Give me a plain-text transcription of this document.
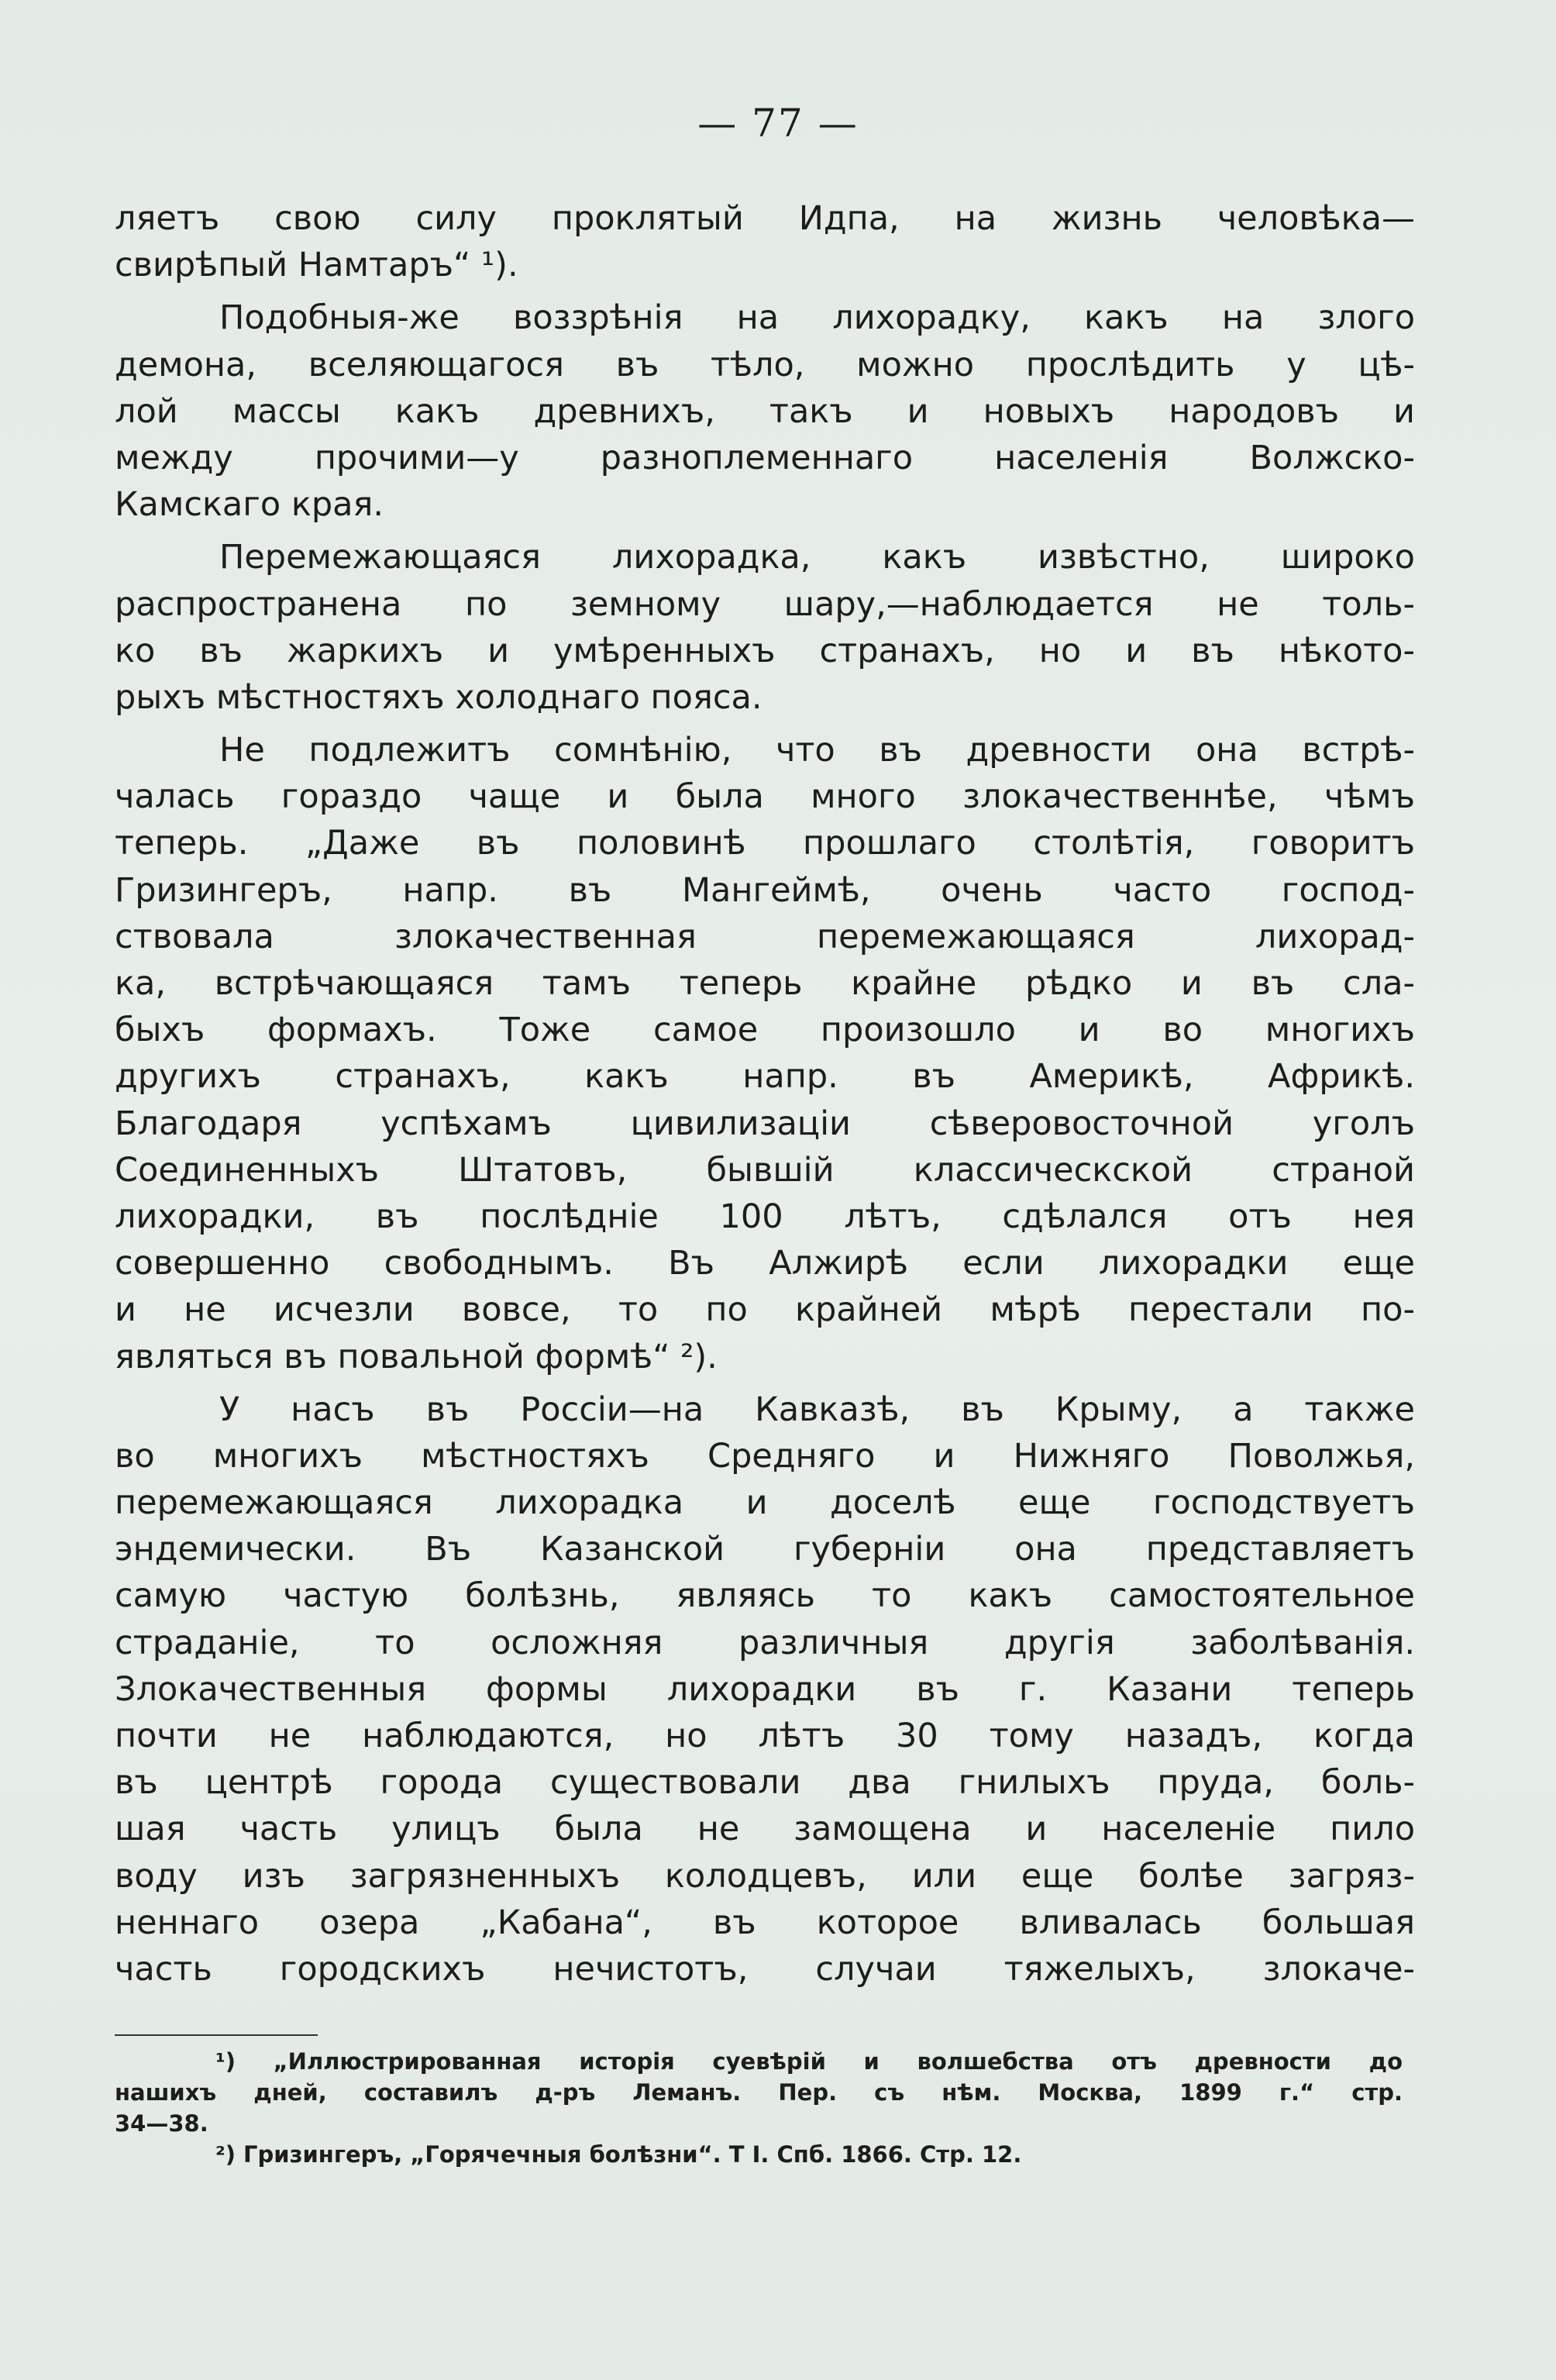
— 77 —
ляетъ свою силу проклятый Идпа, на жизнь человѣка—
свирѣпый Намтаръ“ ¹).
Подобныя-же воззрѣнія на лихорадку, какъ на злого
демона, вселяющагося въ тѣло, можно прослѣдить у цѣ-
лой массы какъ древнихъ, такъ и новыхъ народовъ и
между прочими—у разноплеменнаго населенія Волжско-
Камскаго края.
Перемежающаяся лихорадка, какъ извѣстно, широко
распространена по земному шару,—наблюдается не толь-
ко въ жаркихъ и умѣренныхъ странахъ, но и въ нѣкото-
рыхъ мѣстностяхъ холоднаго пояса.
Не подлежитъ сомнѣнію, что въ древности она встрѣ-
чалась гораздо чаще и была много злокачественнѣе, чѣмъ
теперь. „Даже въ половинѣ прошлаго столѣтія, говоритъ
Гризингеръ, напр. въ Мангеймѣ, очень часто господ-
ствовала злокачественная перемежающаяся лихорад-
ка, встрѣчающаяся тамъ теперь крайне рѣдко и въ сла-
быхъ формахъ. Тоже самое произошло и во многихъ
другихъ странахъ, какъ напр. въ Америкѣ, Африкѣ.
Благодаря успѣхамъ цивилизаціи сѣверовосточной уголъ
Соединенныхъ Штатовъ, бывшій классическской страной
лихорадки, въ послѣдніе 100 лѣтъ, сдѣлался отъ нея
совершенно свободнымъ. Въ Алжирѣ если лихорадки еще
и не исчезли вовсе, то по крайней мѣрѣ перестали по-
являться въ повальной формѣ“ ²).
У насъ въ Россіи—на Кавказѣ, въ Крыму, а также
во многихъ мѣстностяхъ Средняго и Нижняго Поволжья,
перемежающаяся лихорадка и доселѣ еще господствуетъ
эндемически. Въ Казанской губерніи она представляетъ
самую частую болѣзнь, являясь то какъ самостоятельное
страданіе, то осложняя различныя другія заболѣванія.
Злокачественныя формы лихорадки въ г. Казани теперь
почти не наблюдаются, но лѣтъ 30 тому назадъ, когда
въ центрѣ города существовали два гнилыхъ пруда, боль-
шая часть улицъ была не замощена и населеніе пило
воду изъ загрязненныхъ колодцевъ, или еще болѣе загряз-
неннаго озера „Кабана“, въ которое вливалась большая
часть городскихъ нечистотъ, случаи тяжелыхъ, злокаче-
¹) „Иллюстрированная исторія суевѣрій и волшебства отъ древности до
нашихъ дней, составилъ д-ръ Леманъ. Пер. съ нѣм. Москва, 1899 г.“ стр.
34—38.
²) Гризингеръ, „Горячечныя болѣзни“. Т I. Спб. 1866. Стр. 12.
